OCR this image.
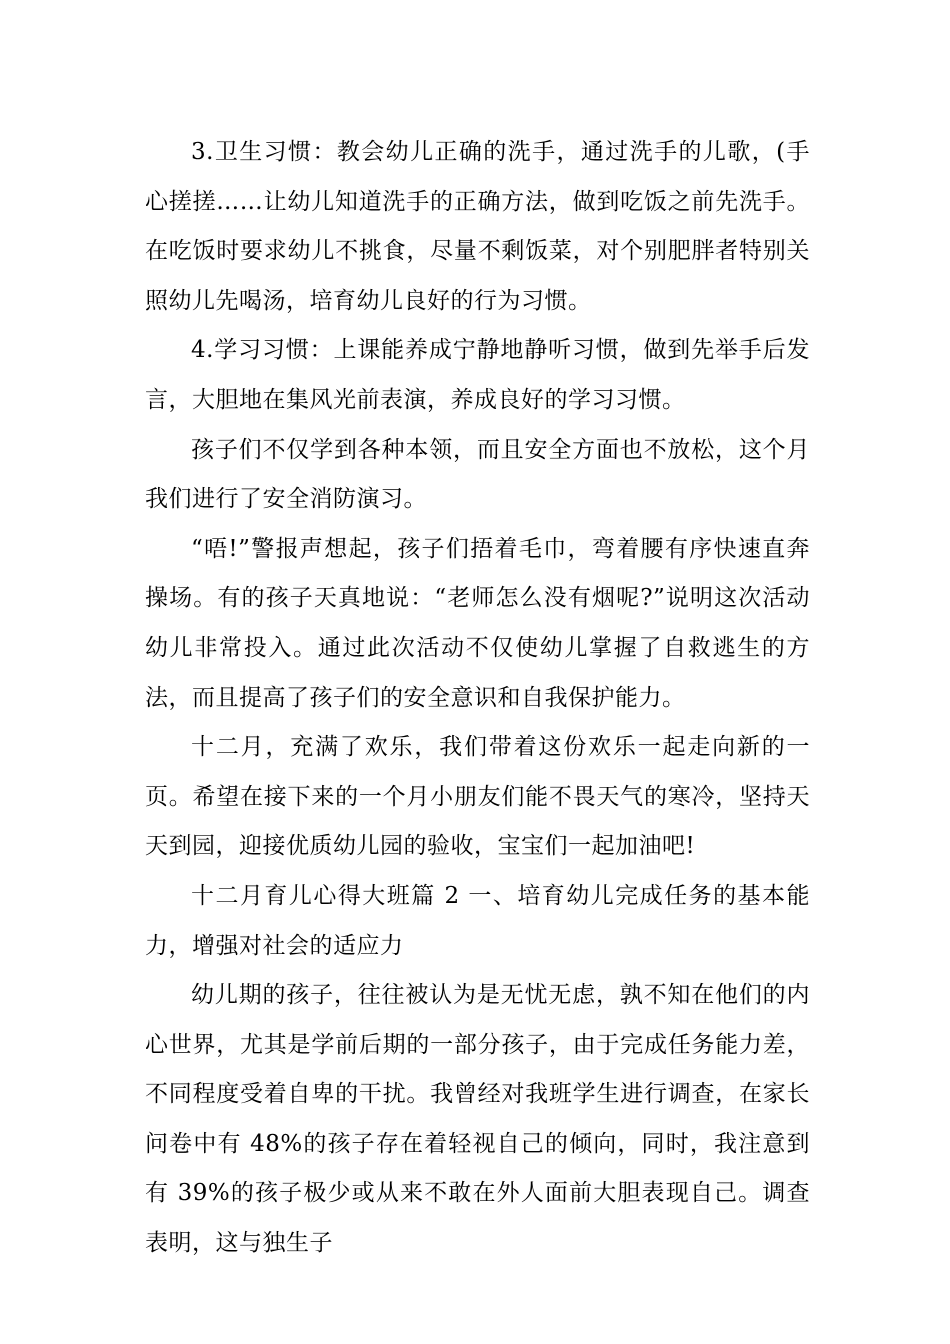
3.卫生习惯：教会幼儿正确的洗手，通过洗手的儿歌，(手心搓搓……让幼儿知道洗手的正确方法，做到吃饭之前先洗手。在吃饭时要求幼儿不挑食，尽量不剩饭菜，对个别肥胖者特别关照幼儿先喝汤，培育幼儿良好的行为习惯。

4.学习习惯：上课能养成宁静地静听习惯，做到先举手后发言，大胆地在集风光前表演，养成良好的学习习惯。

孩子们不仅学到各种本领，而且安全方面也不放松，这个月我们进行了安全消防演习。

“唔!”警报声想起，孩子们捂着毛巾，弯着腰有序快速直奔操场。有的孩子天真地说：“老师怎么没有烟呢?”说明这次活动幼儿非常投入。通过此次活动不仅使幼儿掌握了自救逃生的方法，而且提高了孩子们的安全意识和自我保护能力。

十二月，充满了欢乐，我们带着这份欢乐一起走向新的一页。希望在接下来的一个月小朋友们能不畏天气的寒冷，坚持天天到园，迎接优质幼儿园的验收，宝宝们一起加油吧!

十二月育儿心得大班篇 2 一、培育幼儿完成任务的基本能力，增强对社会的适应力

幼儿期的孩子，往往被认为是无忧无虑，孰不知在他们的内心世界，尤其是学前后期的一部分孩子，由于完成任务能力差，不同程度受着自卑的干扰。我曾经对我班学生进行调查，在家长问卷中有 48%的孩子存在着轻视自己的倾向，同时，我注意到有 39%的孩子极少或从来不敢在外人面前大胆表现自己。调查表明，这与独生子
